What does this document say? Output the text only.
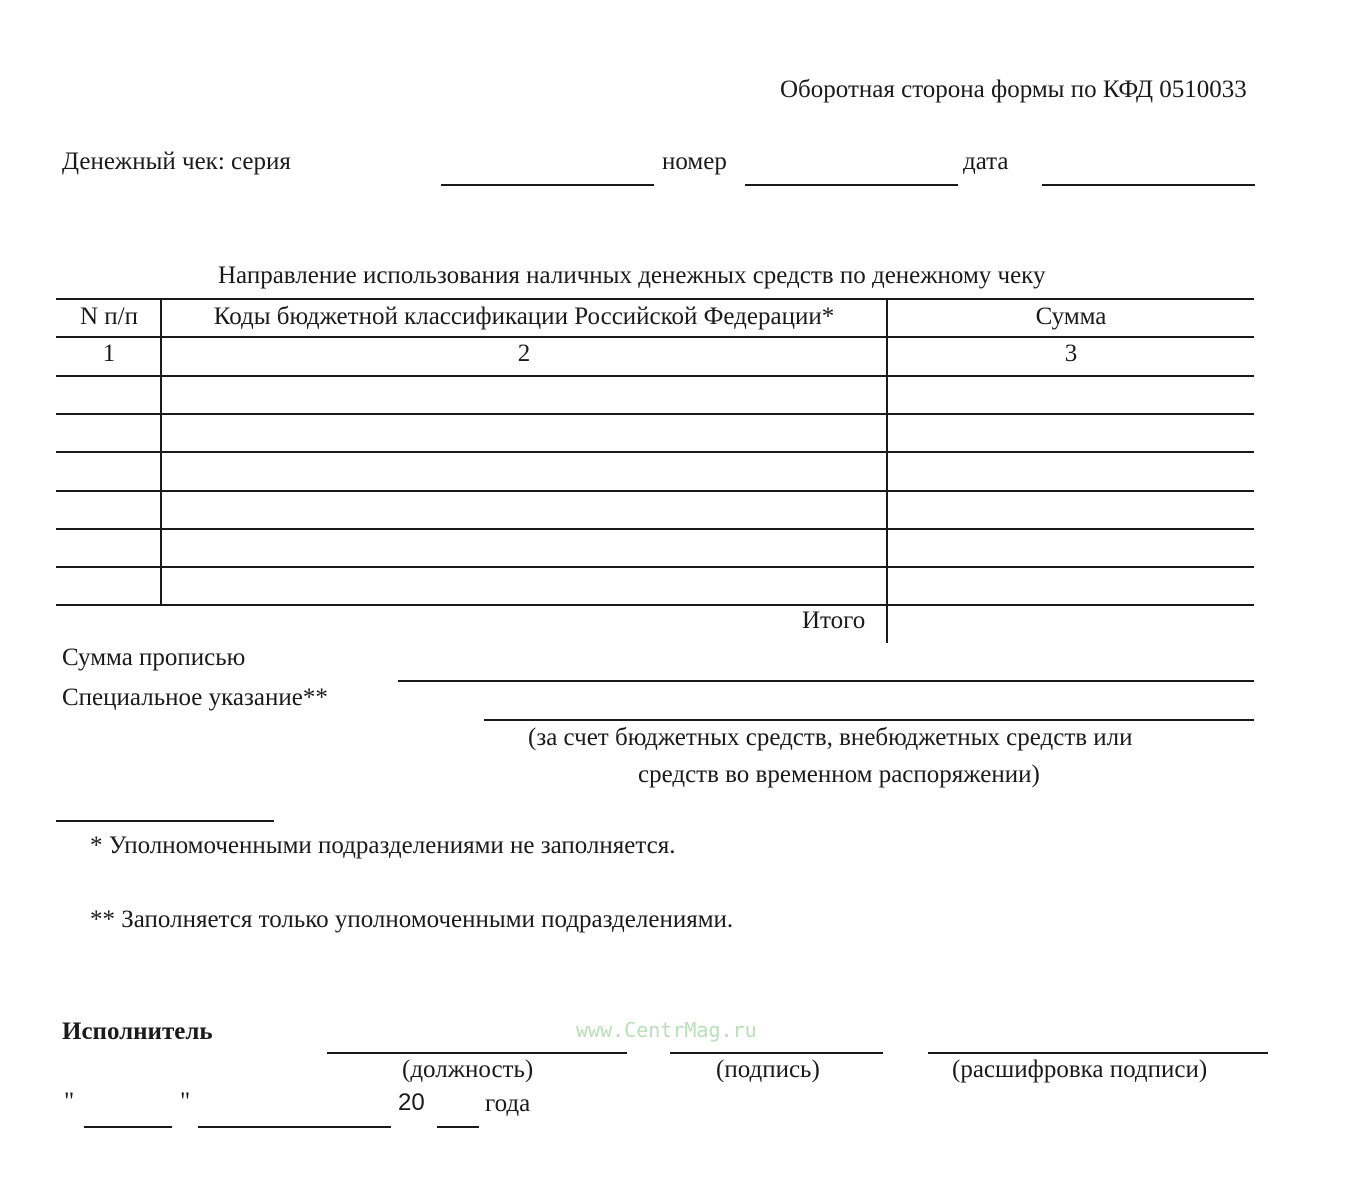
Оборотная сторона формы по КФД 0510033
Денежный чек: серия	номер	дата
Направление использования наличных денежных средств по денежному чеку
N п/п	Коды бюджетной классификации Российской Федерации*	Сумма
1	2	3
Итого
Сумма прописью
Специальное указание**
(за счет бюджетных средств, внебюджетных средств или
средств во временном распоряжении)
* Уполномоченными подразделениями не заполняется.
** Заполняется только уполномоченными подразделениями.
www.CentrMag.ru
Исполнитель
(должность)	(подпись)	(расшифровка подписи)
"	"	20 года
